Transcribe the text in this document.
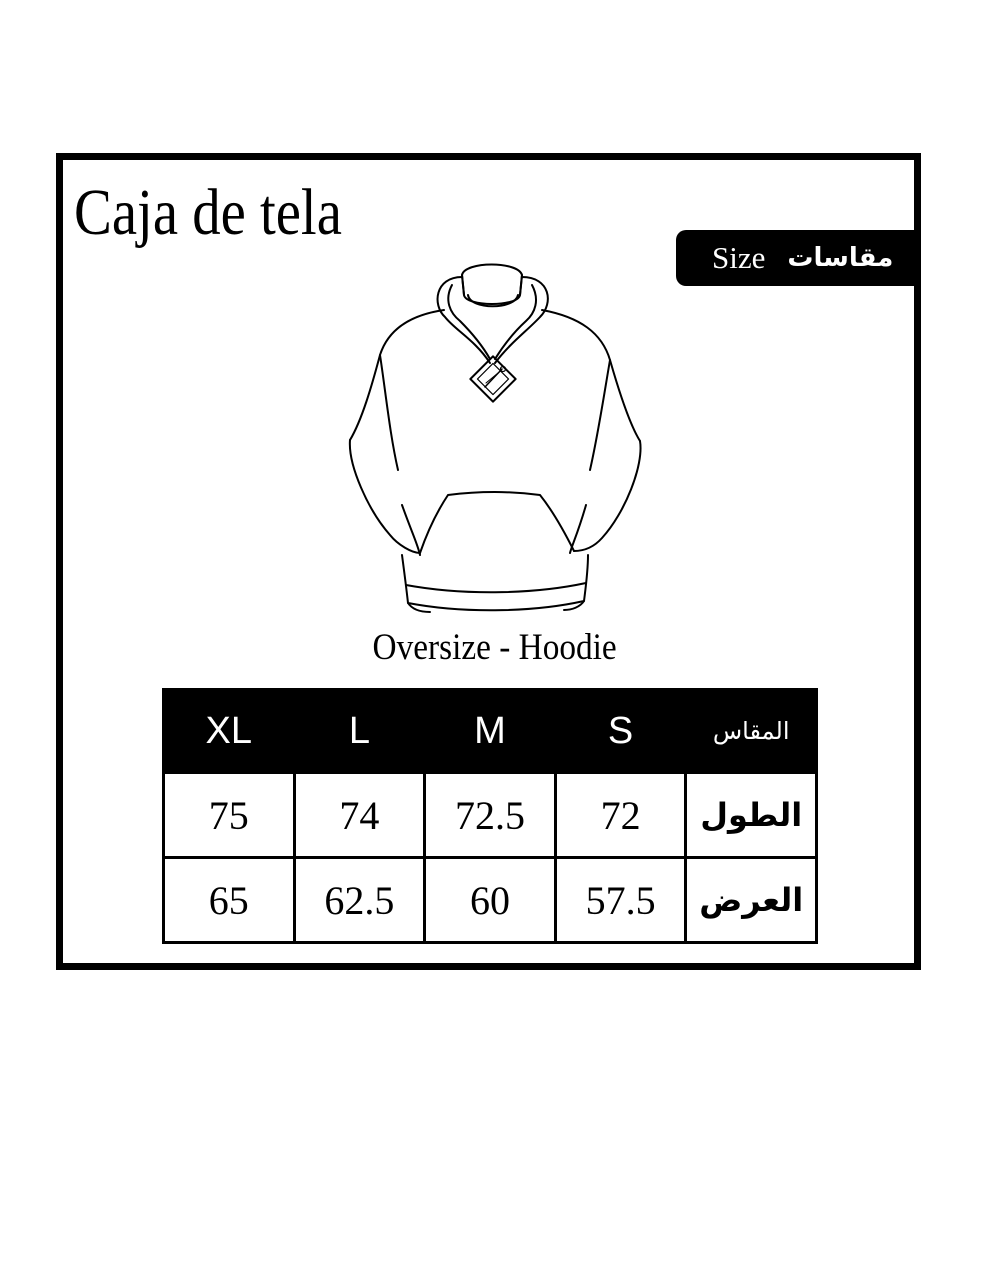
Caja de tela
Size مقاسات
Oversize - Hoodie
XL	L	M	S	المقاس
75	74	72.5	72	الطول
65	62.5	60	57.5	العرض
